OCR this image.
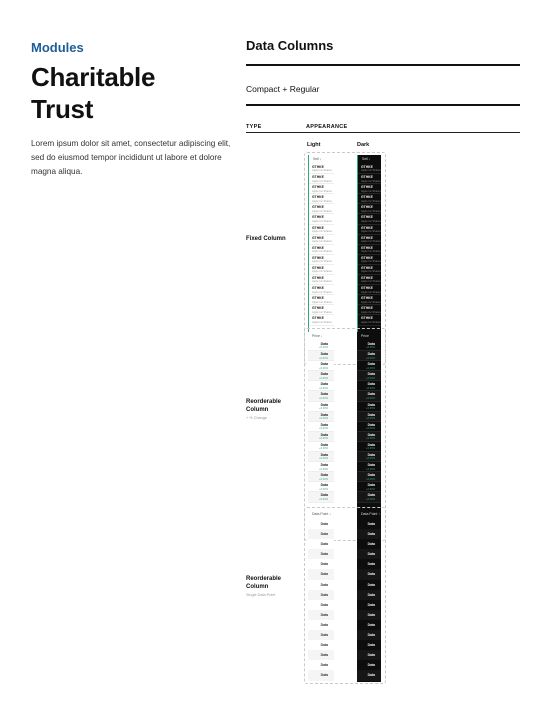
Modules
Charitable
Trust
Lorem ipsum dolor sit amet, consectetur adipiscing elit, sed do eiusmod tempor incididunt ut labore et dolore magna aliqua.
Data Columns
Compact + Regular
TYPE	APPEARANCE
Light	Dark
Fixed Column
Sell ↓
GTHKE
Apple Inc Shares
GTHKE
Apple Inc Shares
GTHKE
Apple Inc Shares
GTHKE
Apple Inc Shares
GTHKE
Apple Inc Shares
GTHKE
Apple Inc Shares
GTHKE
Apple Inc Shares
GTHKE
Apple Inc Shares
GTHKE
Apple Inc Shares
GTHKE
Apple Inc Shares
GTHKE
Apple Inc Shares
GTHKE
Apple Inc Shares
GTHKE
Apple Inc Shares
GTHKE
Apple Inc Shares
GTHKE
Apple Inc Shares
GTHKE
Apple Inc Shares
Sell ↓
GTHKE
Apple Inc Shares
GTHKE
Apple Inc Shares
GTHKE
Apple Inc Shares
GTHKE
Apple Inc Shares
GTHKE
Apple Inc Shares
GTHKE
Apple Inc Shares
GTHKE
Apple Inc Shares
GTHKE
Apple Inc Shares
GTHKE
Apple Inc Shares
GTHKE
Apple Inc Shares
GTHKE
Apple Inc Shares
GTHKE
Apple Inc Shares
GTHKE
Apple Inc Shares
GTHKE
Apple Inc Shares
GTHKE
Apple Inc Shares
GTHKE
Apple Inc Shares
Reorderable
Column
+ % Change
Price ↓
Data
+0.00%
Data
+0.00%
Data
+0.00%
Data
+0.00%
Data
+0.00%
Data
+0.00%
Data
+0.00%
Data
+0.00%
Data
+0.00%
Data
+0.00%
Data
+0.00%
Data
+0.00%
Data
+0.00%
Data
+0.00%
Data
+0.00%
Data
+0.00%
Price
Data
+0.00%
Data
+0.00%
Data
+0.00%
Data
+0.00%
Data
+0.00%
Data
+0.00%
Data
+0.00%
Data
+0.00%
Data
+0.00%
Data
+0.00%
Data
+0.00%
Data
+0.00%
Data
+0.00%
Data
+0.00%
Data
+0.00%
Data
+0.00%
Reorderable
Column
Single Data Point
Data Point ↓
Data
Data
Data
Data
Data
Data
Data
Data
Data
Data
Data
Data
Data
Data
Data
Data
Data Point ↑
Data
Data
Data
Data
Data
Data
Data
Data
Data
Data
Data
Data
Data
Data
Data
Data
